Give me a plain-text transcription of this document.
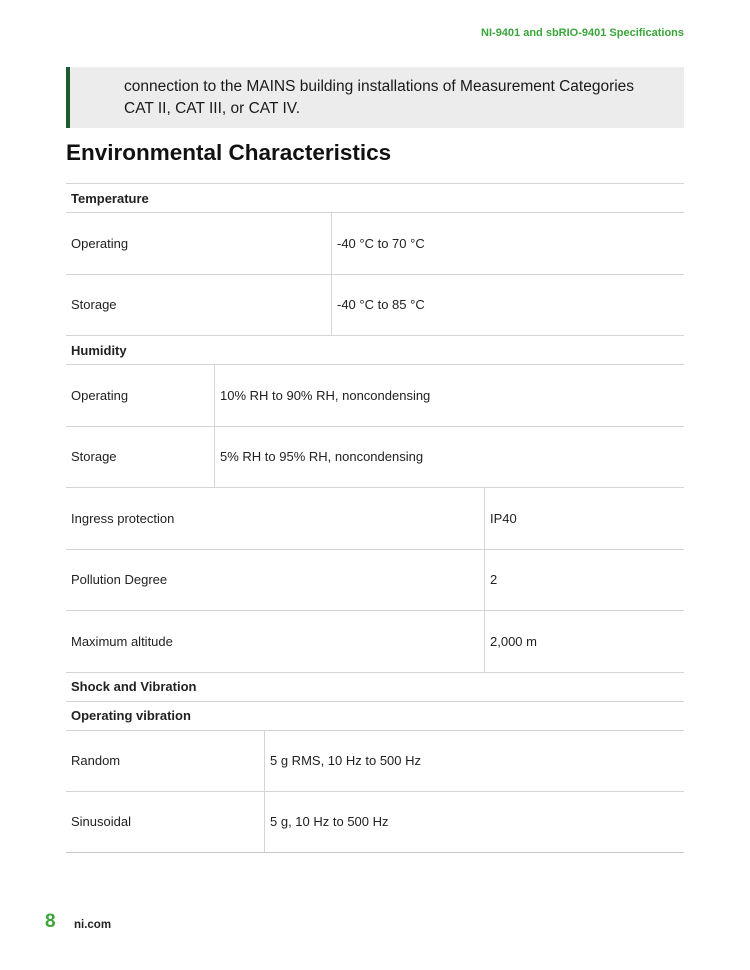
NI-9401 and sbRIO-9401 Specifications
connection to the MAINS building installations of Measurement Categories
CAT II, CAT III, or CAT IV.
Environmental Characteristics
Temperature
Operating	-40 °C to 70 °C
Storage	-40 °C to 85 °C
Humidity
Operating	10% RH to 90% RH, noncondensing
Storage	5% RH to 95% RH, noncondensing
Ingress protection	IP40
Pollution Degree	2
Maximum altitude	2,000 m
Shock and Vibration
Operating vibration
Random	5 g RMS, 10 Hz to 500 Hz
Sinusoidal	5 g, 10 Hz to 500 Hz
8 ni.com
